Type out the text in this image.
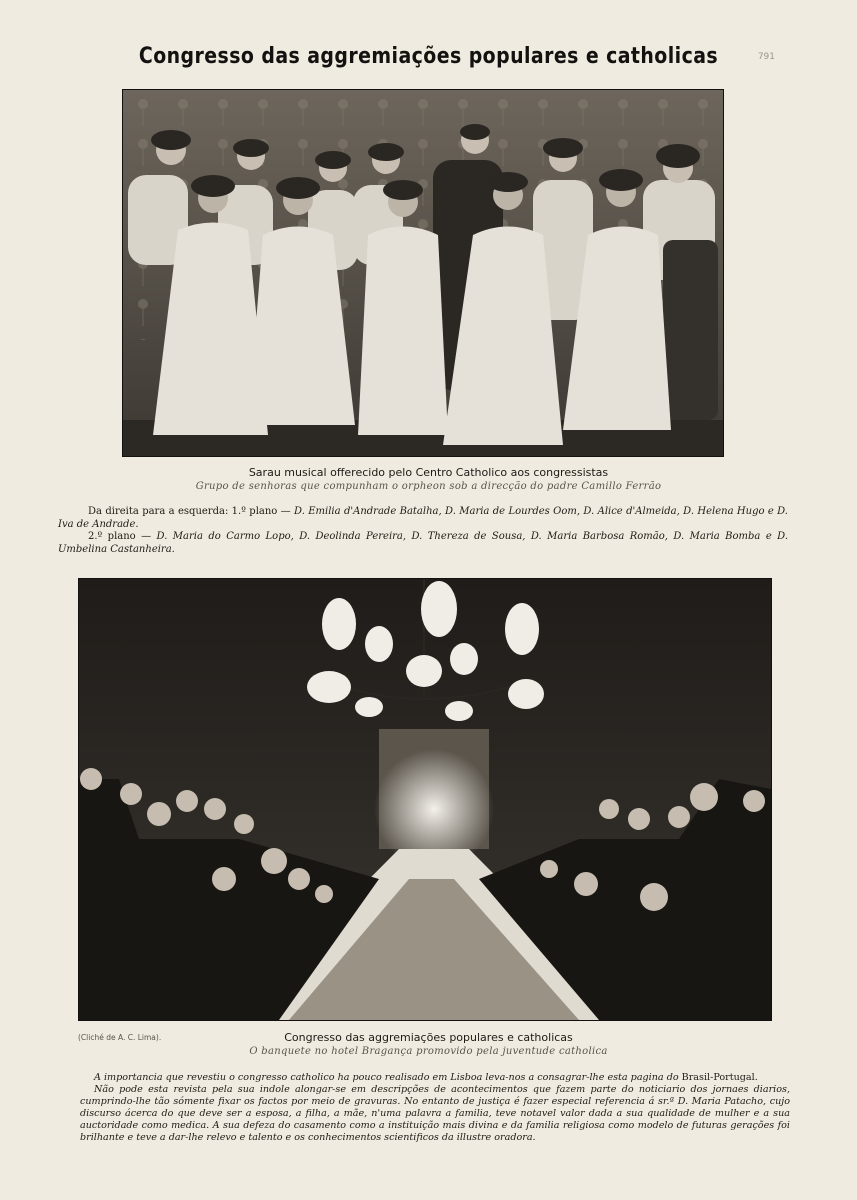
791
Congresso das aggremiações populares e catholicas
Sarau musical offerecido pelo Centro Catholico aos congressistas
Grupo de senhoras que compunham o orpheon sob a direcção do padre Camillo Ferrão

Da direita para a esquerda: 1.º plano — D. Emilia d'Andrade Batalha, D. Maria de Lourdes Oom, D. Alice d'Almeida, D. Helena Hugo e D. Iva de Andrade.

2.º plano — D. Maria do Carmo Lopo, D. Deolinda Pereira, D. Thereza de Sousa, D. Maria Barbosa Romão, D. Maria Bomba e D. Umbelina Castanheira.

(Cliché de A. C. Lima).	Congresso das aggremiações populares e catholicas
O banquete no hotel Bragança promovido pela juventude catholica

A importancia que revestiu o congresso catholico ha pouco realisado em Lisboa leva-nos a consagrar-lhe esta pagina do Brasil-Portugal.

Não pode esta revista pela sua indole alongar-se em descripções de acontecimentos que fazem parte do noticiario dos jornaes diarios, cumprindo-lhe tão sómente fixar os factos por meio de gravuras. No entanto de justiça é fazer especial referencia á sr.ª D. Maria Patacho, cujo discurso ácerca do que deve ser a esposa, a filha, a mãe, n'uma palavra a familia, teve notavel valor dada a sua qualidade de mulher e a sua auctoridade como medica. A sua defeza do casamento como a instituição mais divina e da familia religiosa como modelo de futuras gerações foi brilhante e teve a dar-lhe relevo e talento e os conhecimentos scientificos da illustre oradora.
